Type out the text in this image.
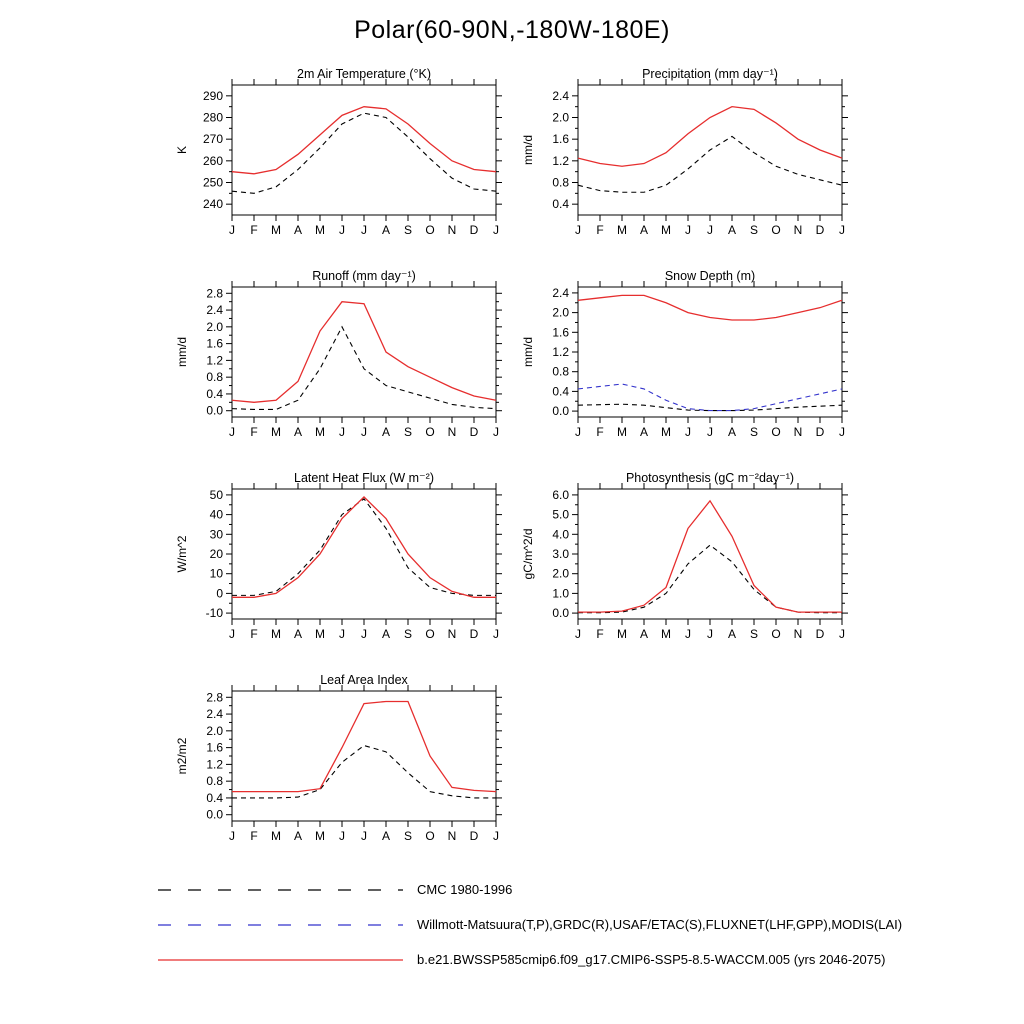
Polar(60-90N,-180W-180E)
240
250
260
270
280
290
J F M A M J J A S O N D J
2m Air Temperature (°K)
K
0.4
0.8
1.2
1.6
2.0
2.4
J F M A M J J A S O N D J
Precipitation (mm day⁻¹)
mm/d
0.0
0.4
0.8
1.2
1.6
2.0
2.4
2.8
J F M A M J J A S O N D J
Runoff (mm day⁻¹)
mm/d
0.0
0.4
0.8
1.2
1.6
2.0
2.4
J F M A M J J A S O N D J
Snow Depth (m)
mm/d
-10
0
10
20
30
40
50
J F M A M J J A S O N D J
Latent Heat Flux (W m⁻²)
W/m^2
0.0
1.0
2.0
3.0
4.0
5.0
6.0
J F M A M J J A S O N D J
Photosynthesis (gC m⁻²day⁻¹)
gC/m^2/d
0.0
0.4
0.8
1.2
1.6
2.0
2.4
2.8
J F M A M J J A S O N D J
Leaf Area Index
m2/m2
CMC 1980-1996
Willmott-Matsuura(T,P),GRDC(R),USAF/ETAC(S),FLUXNET(LHF,GPP),MODIS(LAI)
b.e21.BWSSP585cmip6.f09_g17.CMIP6-SSP5-8.5-WACCM.005 (yrs 2046-2075)
